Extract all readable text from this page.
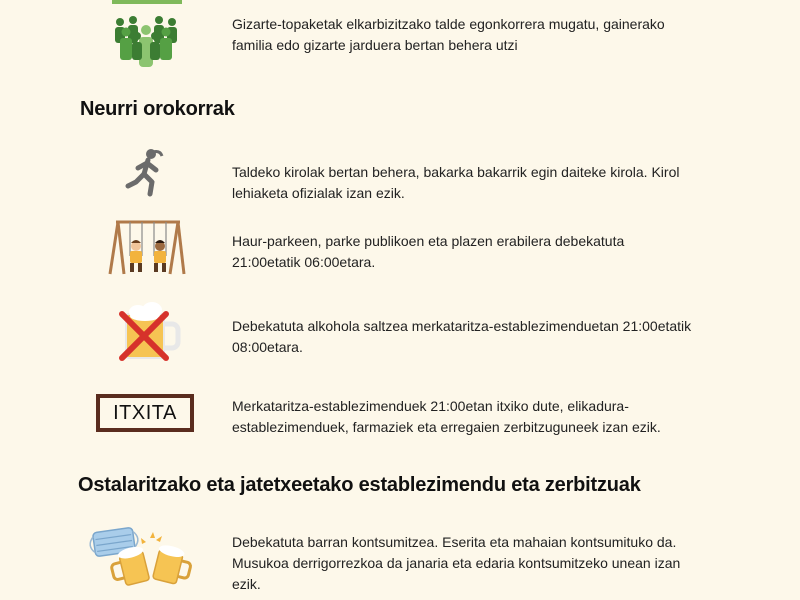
Gizarte-topaketak elkarbizitzako talde egonkorrera mugatu, gainerako familia edo gizarte jarduera bertan behera utzi
Neurri orokorrak
Taldeko kirolak bertan behera, bakarka bakarrik egin daiteke kirola. Kirol lehiaketa ofizialak izan ezik.
Haur-parkeen, parke publikoen eta plazen erabilera debekatuta 21:00etatik 06:00etara.
Debekatuta alkohola saltzea merkataritza-establezimenduetan 21:00etatik 08:00etara.
ITXITA	Merkataritza-establezimenduek 21:00etan itxiko dute, elikadura-establezimenduek, farmaziek eta erregaien zerbitzuguneek izan ezik.
Ostalaritzako eta jatetxeetako establezimendu eta zerbitzuak
Debekatuta barran kontsumitzea. Eserita eta mahaian kontsumituko da. Musukoa derrigorrezkoa da janaria eta edaria kontsumitzeko unean izan ezik.
